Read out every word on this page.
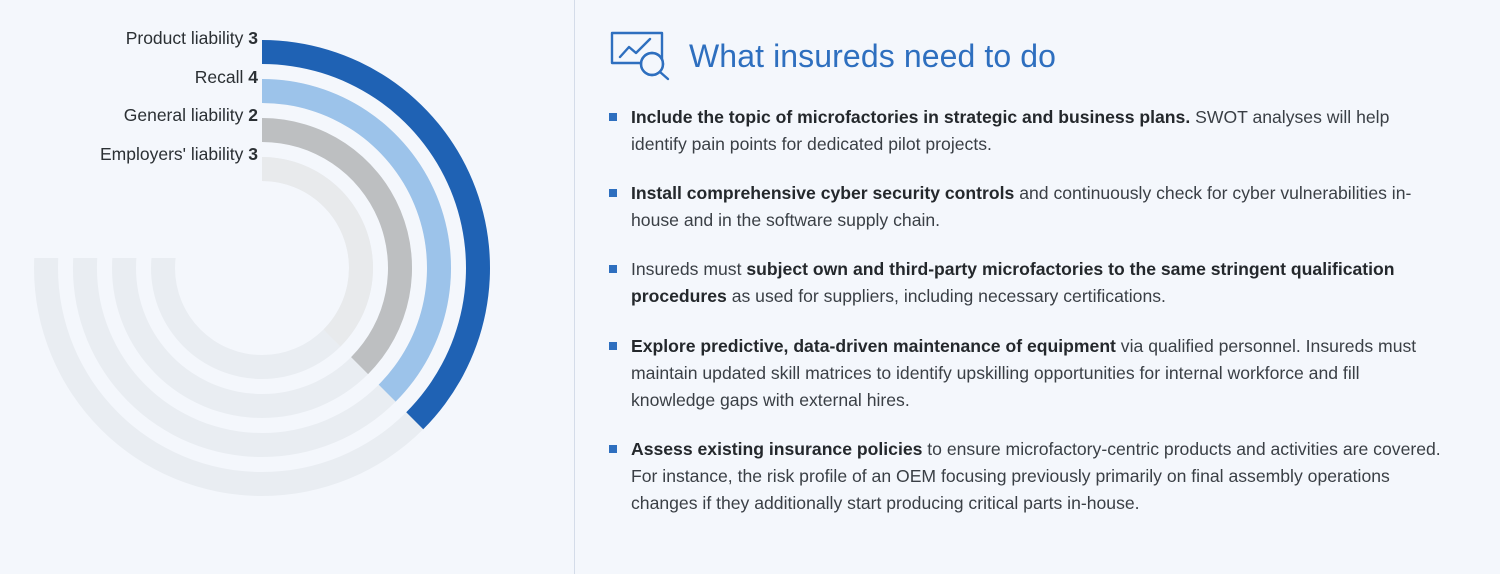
Product liability 3
Recall 4
General liability 2
Employers' liability 3
What insureds need to do
Include the topic of microfactories in strategic and business plans. SWOT analyses will help identify pain points for dedicated pilot projects.
Install comprehensive cyber security controls and continuously check for cyber vulnerabilities in-house and in the software supply chain.
Insureds must subject own and third-party microfactories to the same stringent qualification procedures as used for suppliers, including necessary certifications.
Explore predictive, data-driven maintenance of equipment via qualified personnel. Insureds must maintain updated skill matrices to identify upskilling opportunities for internal workforce and fill knowledge gaps with external hires.
Assess existing insurance policies to ensure microfactory-centric products and activities are covered. For instance, the risk profile of an OEM focusing previously primarily on final assembly operations changes if they additionally start producing critical parts in-house.
